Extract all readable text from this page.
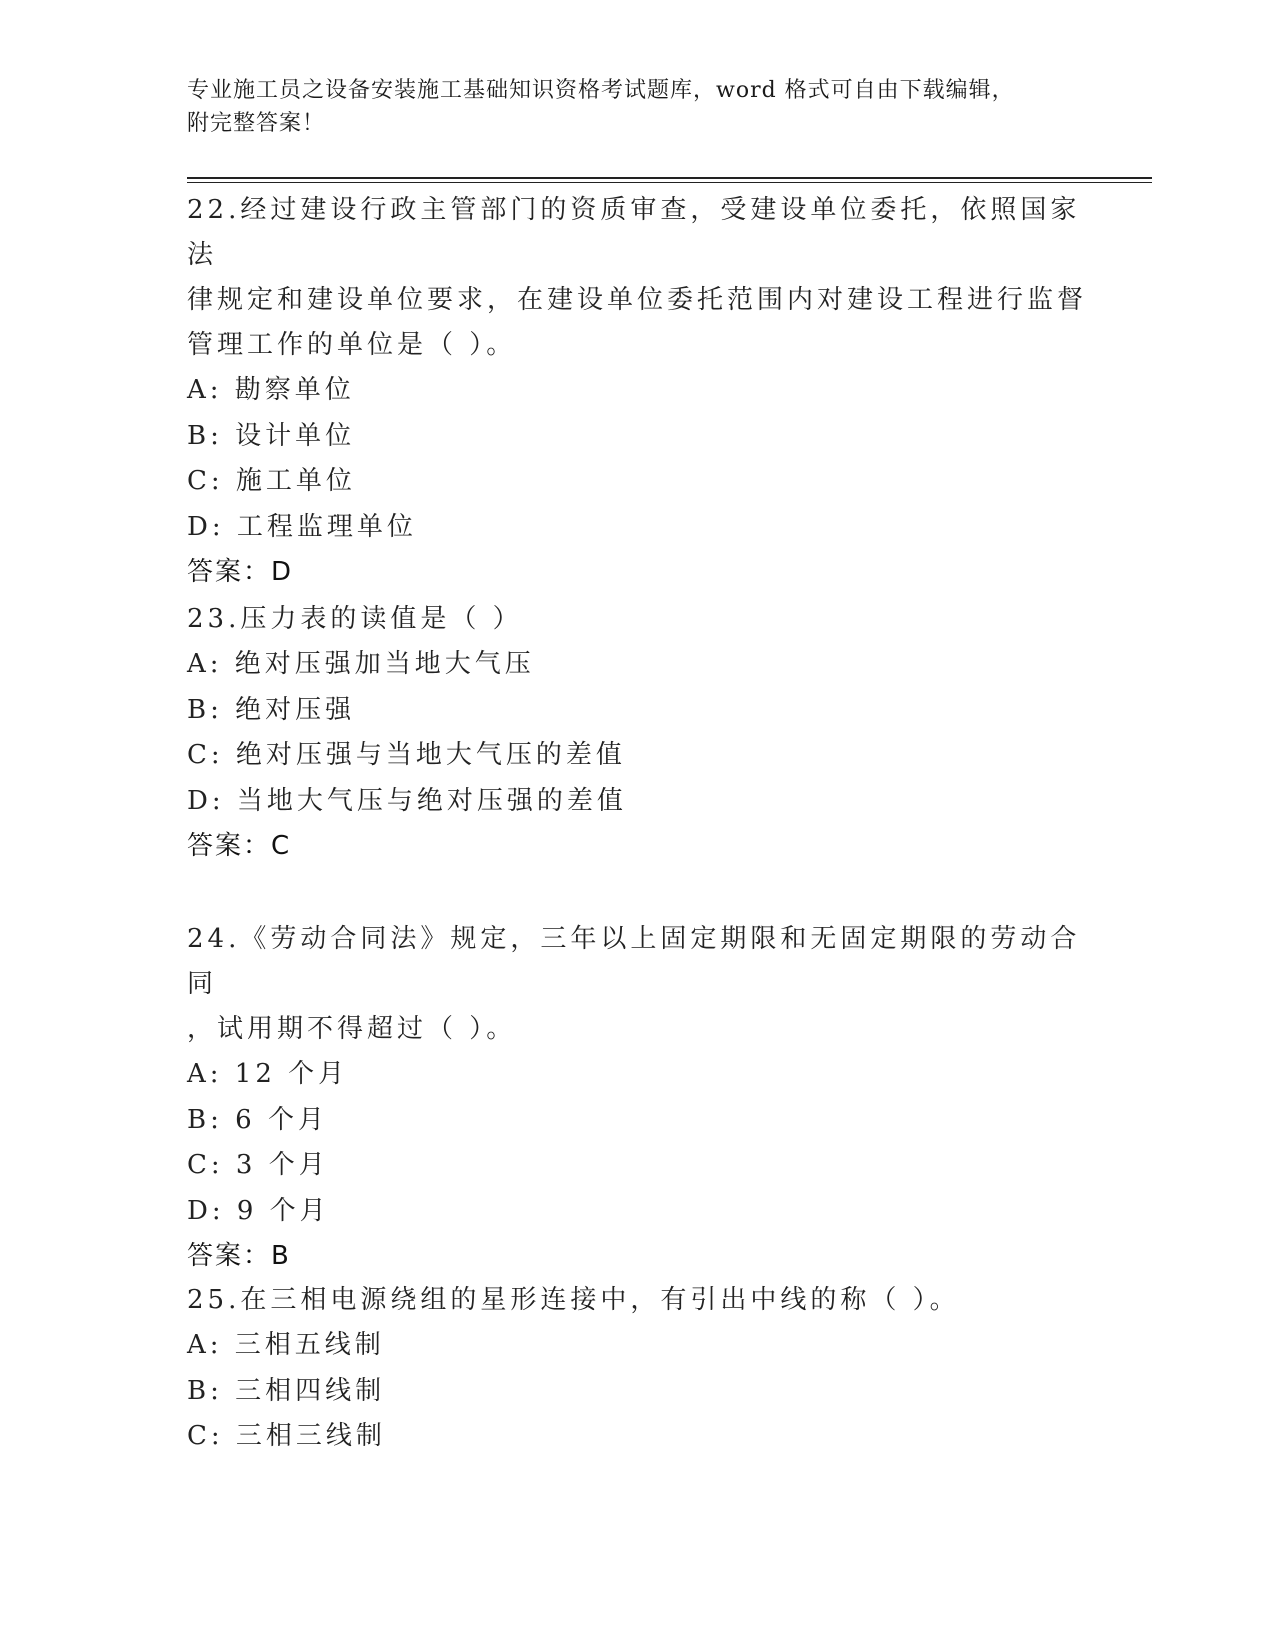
专业施工员之设备安装施工基础知识资格考试题库，word 格式可自由下载编辑，
附完整答案！

22.经过建设行政主管部门的资质审查，受建设单位委托，依照国家法

律规定和建设单位要求，在建设单位委托范围内对建设工程进行监督

管理工作的单位是（ ）。

A: 勘察单位

B: 设计单位

C: 施工单位

D: 工程监理单位

答案：D

23.压力表的读值是（ ）

A: 绝对压强加当地大气压

B: 绝对压强

C: 绝对压强与当地大气压的差值

D: 当地大气压与绝对压强的差值

答案：C

24.《劳动合同法》规定，三年以上固定期限和无固定期限的劳动合同

，试用期不得超过（ ）。

A: 12 个月

B: 6 个月

C: 3 个月

D: 9 个月

答案：B

25.在三相电源绕组的星形连接中，有引出中线的称（ ）。

A: 三相五线制

B: 三相四线制

C: 三相三线制
